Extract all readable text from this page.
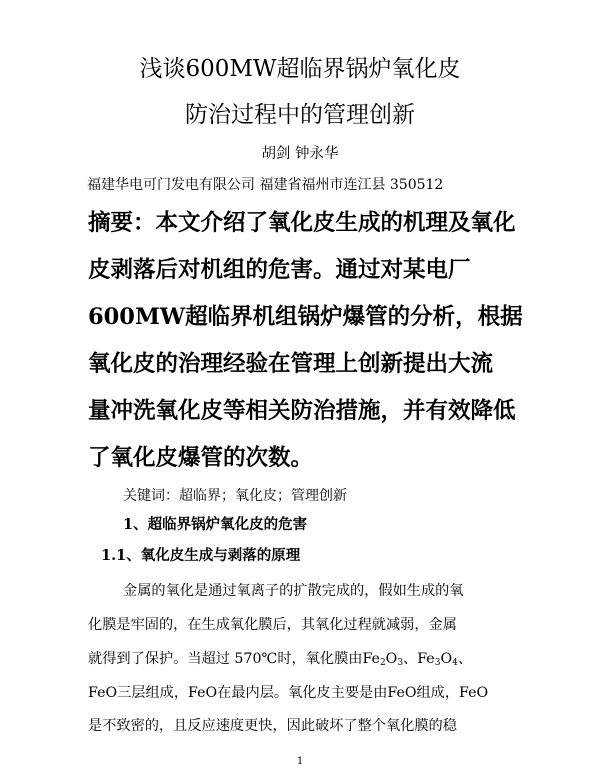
浅谈600MW超临界锅炉氧化皮
防治过程中的管理创新
胡剑 钟永华
福建华电可门发电有限公司 福建省福州市连江县 350512
摘要：本文介绍了氧化皮生成的机理及氧化
皮剥落后对机组的危害。通过对某电厂
600MW超临界机组锅炉爆管的分析，根据
氧化皮的治理经验在管理上创新提出大流
量冲洗氧化皮等相关防治措施，并有效降低
了氧化皮爆管的次数。
关键词：超临界；氧化皮；管理创新
1、超临界锅炉氧化皮的危害
1.1、氧化皮生成与剥落的原理
金属的氧化是通过氧离子的扩散完成的，假如生成的氧
化膜是牢固的，在生成氧化膜后，其氧化过程就减弱，金属
就得到了保护。当超过 570℃时，氧化膜由$Fe_2O_3$、$Fe_3O_4$、
FeO三层组成，FeO在最内层。氧化皮主要是由FeO组成，FeO
是不致密的，且反应速度更快，因此破坏了整个氧化膜的稳
1
